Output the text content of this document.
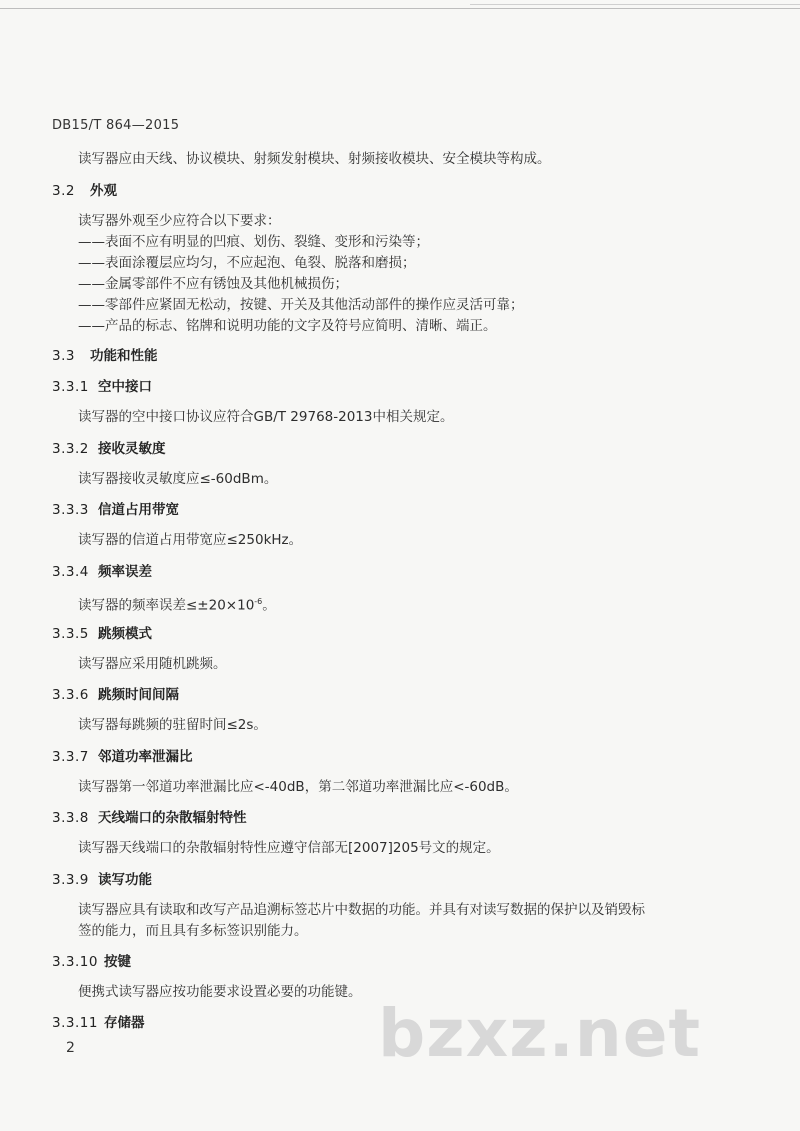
DB15/T 864—2015
读写器应由天线、协议模块、射频发射模块、射频接收模块、安全模块等构成。
3.2 外观
读写器外观至少应符合以下要求：
——表面不应有明显的凹痕、划伤、裂缝、变形和污染等；
——表面涂覆层应均匀，不应起泡、龟裂、脱落和磨损；
——金属零部件不应有锈蚀及其他机械损伤；
——零部件应紧固无松动，按键、开关及其他活动部件的操作应灵活可靠；
——产品的标志、铭牌和说明功能的文字及符号应简明、清晰、端正。
3.3 功能和性能
3.3.1 空中接口
读写器的空中接口协议应符合GB/T 29768-2013中相关规定。
3.3.2 接收灵敏度
读写器接收灵敏度应≤-60dBm。
3.3.3 信道占用带宽
读写器的信道占用带宽应≤250kHz。
3.3.4 频率误差
读写器的频率误差$\le\pm 20\times 10^{-6}$。
3.3.5 跳频模式
读写器应采用随机跳频。
3.3.6 跳频时间间隔
读写器每跳频的驻留时间≤2s。
3.3.7 邻道功率泄漏比
读写器第一邻道功率泄漏比应<-40dB，第二邻道功率泄漏比应<-60dB。
3.3.8 天线端口的杂散辐射特性
读写器天线端口的杂散辐射特性应遵守信部无[2007]205号文的规定。
3.3.9 读写功能
读写器应具有读取和改写产品追溯标签芯片中数据的功能。并具有对读写数据的保护以及销毁标
签的能力，而且具有多标签识别能力。
3.3.10 按键
便携式读写器应按功能要求设置必要的功能键。
3.3.11 存储器
2	bzxz.net
